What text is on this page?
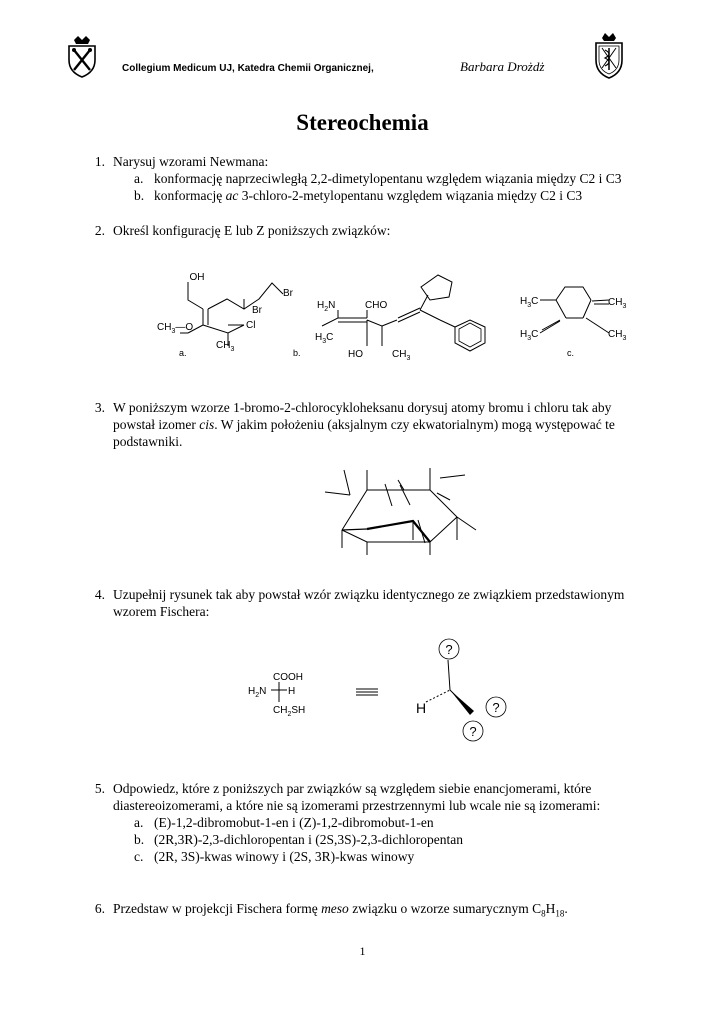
Collegium Medicum UJ, Katedra Chemii Organicznej,	Barbara Drożdż
Stereochemia
1. Narysuj wzorami Newmana:
a. konformację naprzeciwległą 2,2-dimetylopentanu względem wiązania między C2 i C3
b. konformację ac 3-chloro-2-metylopentanu względem wiązania między C2 i C3
2. Określ konfigurację E lub Z poniższych związków:
OH
Br
Br
$CH_3—O$	Cl
$CH_3$
a.
$H_2N$	CHO
$H_3C$
HO	$CH_3$
b.
$H_3C$	$CH_3$
$H_3C$	$CH_3$
c.
3. W poniższym wzorze 1-bromo-2-chlorocykloheksanu dorysuj atomy bromu i chloru tak aby
powstał izomer cis. W jakim położeniu (aksjalnym czy ekwatorialnym) mogą występować te
podstawniki.
4. Uzupełnij rysunek tak aby powstał wzór związku identycznego ze związkiem przedstawionym
wzorem Fischera:
COOH
$H_2N$ H
$CH_2SH$	H
?
?
?
5. Odpowiedz, które z poniższych par związków są względem siebie enancjomerami, które
diastereoizomerami, a które nie są izomerami przestrzennymi lub wcale nie są izomerami:
a. (E)-1,2-dibromobut-1-en i (Z)-1,2-dibromobut-1-en
b. (2R,3R)-2,3-dichloropentan i (2S,3S)-2,3-dichloropentan
c. (2R, 3S)-kwas winowy i (2S, 3R)-kwas winowy
6. Przedstaw w projekcji Fischera formę meso związku o wzorze sumarycznym $C_8H_{18}$.
1
